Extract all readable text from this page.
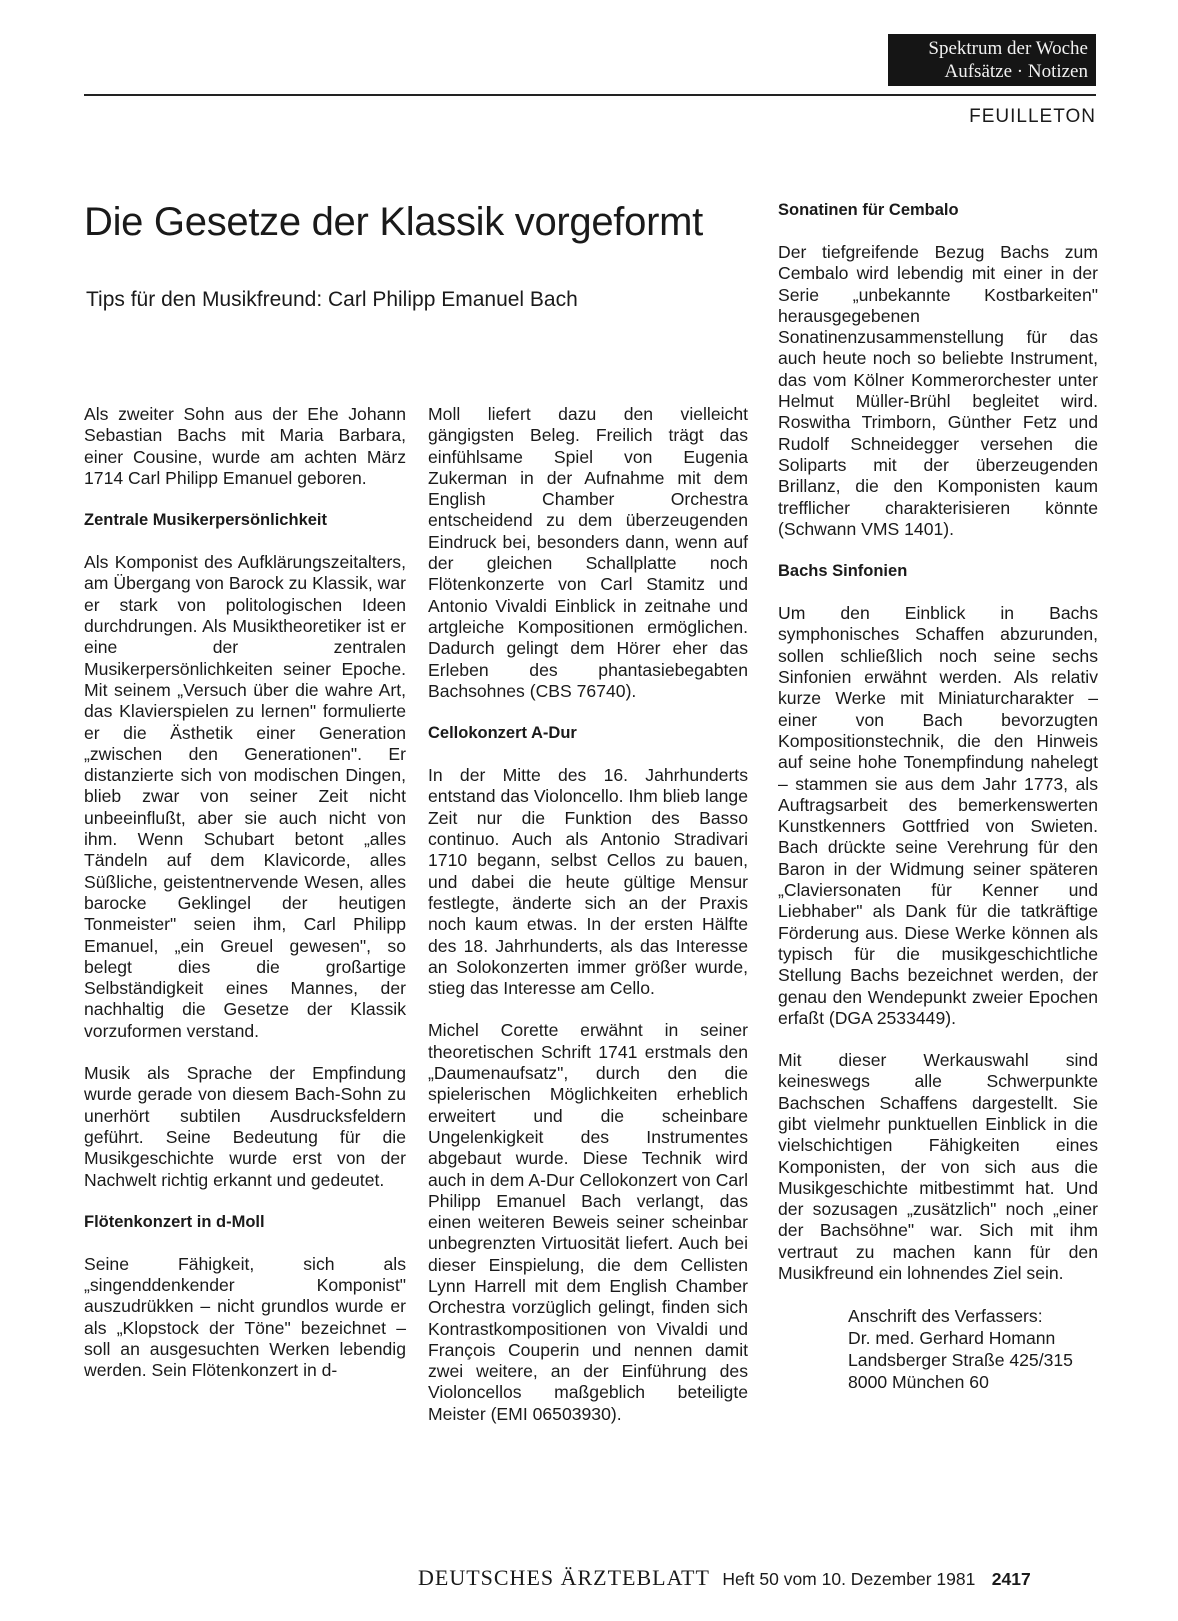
Spektrum der Woche
Aufsätze · Notizen
FEUILLETON
Die Gesetze der Klassik vorgeformt
Tips für den Musikfreund: Carl Philipp Emanuel Bach

Als zweiter Sohn aus der Ehe Johann Sebastian Bachs mit Maria Barbara, einer Cousine, wurde am achten März 1714 Carl Philipp Emanuel geboren.

Zentrale Musikerpersönlichkeit

Als Komponist des Aufklärungszeitalters, am Übergang von Barock zu Klassik, war er stark von politologischen Ideen durchdrungen. Als Musiktheoretiker ist er eine der zentralen Musikerpersönlichkeiten seiner Epoche. Mit seinem „Versuch über die wahre Art, das Klavierspielen zu lernen" formulierte er die Ästhetik einer Generation „zwischen den Generationen". Er distanzierte sich von modischen Dingen, blieb zwar von seiner Zeit nicht unbeeinflußt, aber sie auch nicht von ihm. Wenn Schubart betont „alles Tändeln auf dem Klavicorde, alles Süßliche, geistentnervende Wesen, alles barocke Geklingel der heutigen Tonmeister" seien ihm, Carl Philipp Emanuel, „ein Greuel gewesen", so belegt dies die großartige Selbständigkeit eines Mannes, der nachhaltig die Gesetze der Klassik vorzuformen verstand.

Musik als Sprache der Empfindung wurde gerade von diesem Bach-Sohn zu unerhört subtilen Ausdrucksfeldern geführt. Seine Bedeutung für die Musikgeschichte wurde erst von der Nachwelt richtig erkannt und gedeutet.

Flötenkonzert in d-Moll

Seine Fähigkeit, sich als „singenddenkender Komponist" auszudrükken – nicht grundlos wurde er als „Klopstock der Töne" bezeichnet – soll an ausgesuchten Werken lebendig werden. Sein Flötenkonzert in d-

Moll liefert dazu den vielleicht gängigsten Beleg. Freilich trägt das einfühlsame Spiel von Eugenia Zukerman in der Aufnahme mit dem English Chamber Orchestra entscheidend zu dem überzeugenden Eindruck bei, besonders dann, wenn auf der gleichen Schallplatte noch Flötenkonzerte von Carl Stamitz und Antonio Vivaldi Einblick in zeitnahe und artgleiche Kompositionen ermöglichen. Dadurch gelingt dem Hörer eher das Erleben des phantasiebegabten Bachsohnes (CBS 76740).

Cellokonzert A-Dur

In der Mitte des 16. Jahrhunderts entstand das Violoncello. Ihm blieb lange Zeit nur die Funktion des Basso continuo. Auch als Antonio Stradivari 1710 begann, selbst Cellos zu bauen, und dabei die heute gültige Mensur festlegte, änderte sich an der Praxis noch kaum etwas. In der ersten Hälfte des 18. Jahrhunderts, als das Interesse an Solokonzerten immer größer wurde, stieg das Interesse am Cello.

Michel Corette erwähnt in seiner theoretischen Schrift 1741 erstmals den „Daumenaufsatz", durch den die spielerischen Möglichkeiten erheblich erweitert und die scheinbare Ungelenkigkeit des Instrumentes abgebaut wurde. Diese Technik wird auch in dem A-Dur Cellokonzert von Carl Philipp Emanuel Bach verlangt, das einen weiteren Beweis seiner scheinbar unbegrenzten Virtuosität liefert. Auch bei dieser Einspielung, die dem Cellisten Lynn Harrell mit dem English Chamber Orchestra vorzüglich gelingt, finden sich Kontrastkompositionen von Vivaldi und François Couperin und nennen damit zwei weitere, an der Einführung des Violoncellos maßgeblich beteiligte Meister (EMI 06503930).

Sonatinen für Cembalo

Der tiefgreifende Bezug Bachs zum Cembalo wird lebendig mit einer in der Serie „unbekannte Kostbarkeiten" herausgegebenen Sonatinenzusammenstellung für das auch heute noch so beliebte Instrument, das vom Kölner Kommerorchester unter Helmut Müller-Brühl begleitet wird. Roswitha Trimborn, Günther Fetz und Rudolf Schneidegger versehen die Soliparts mit der überzeugenden Brillanz, die den Komponisten kaum trefflicher charakterisieren könnte (Schwann VMS 1401).

Bachs Sinfonien

Um den Einblick in Bachs symphonisches Schaffen abzurunden, sollen schließlich noch seine sechs Sinfonien erwähnt werden. Als relativ kurze Werke mit Miniaturcharakter – einer von Bach bevorzugten Kompositionstechnik, die den Hinweis auf seine hohe Tonempfindung nahelegt – stammen sie aus dem Jahr 1773, als Auftragsarbeit des bemerkenswerten Kunstkenners Gottfried von Swieten. Bach drückte seine Verehrung für den Baron in der Widmung seiner späteren „Claviersonaten für Kenner und Liebhaber" als Dank für die tatkräftige Förderung aus. Diese Werke können als typisch für die musikgeschichtliche Stellung Bachs bezeichnet werden, der genau den Wendepunkt zweier Epochen erfaßt (DGA 2533449).

Mit dieser Werkauswahl sind keineswegs alle Schwerpunkte Bachschen Schaffens dargestellt. Sie gibt vielmehr punktuellen Einblick in die vielschichtigen Fähigkeiten eines Komponisten, der von sich aus die Musikgeschichte mitbestimmt hat. Und der sozusagen „zusätzlich" noch „einer der Bachsöhne" war. Sich mit ihm vertraut zu machen kann für den Musikfreund ein lohnendes Ziel sein.

Anschrift des Verfassers:
Dr. med. Gerhard Homann
Landsberger Straße 425/315
8000 München 60
DEUTSCHES ÄRZTEBLATT Heft 50 vom 10. Dezember 1981 2417
